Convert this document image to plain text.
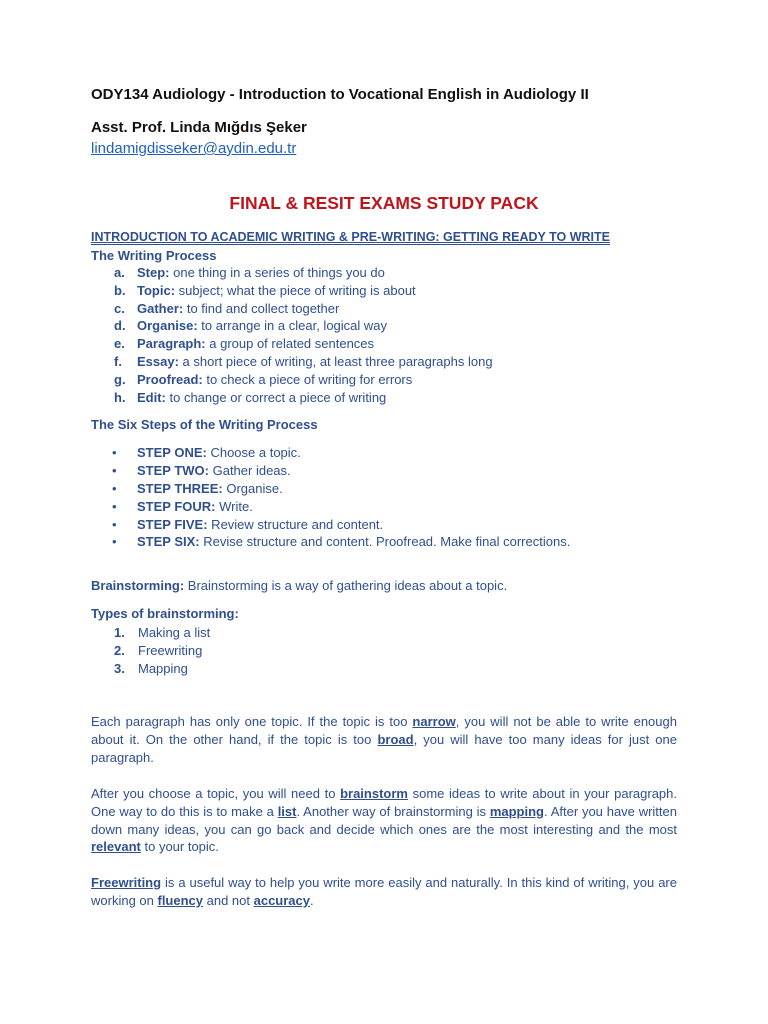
ODY134 Audiology - Introduction to Vocational English in Audiology II
Asst. Prof. Linda Mığdıs Şeker
lindamigdisseker@aydin.edu.tr
FINAL & RESIT EXAMS STUDY PACK
INTRODUCTION TO ACADEMIC WRITING & PRE-WRITING: GETTING READY TO WRITE
The Writing Process
a. Step: one thing in a series of things you do
b. Topic: subject; what the piece of writing is about
c. Gather: to find and collect together
d. Organise: to arrange in a clear, logical way
e. Paragraph: a group of related sentences
f. Essay: a short piece of writing, at least three paragraphs long
g. Proofread: to check a piece of writing for errors
h. Edit: to change or correct a piece of writing
The Six Steps of the Writing Process
• STEP ONE: Choose a topic.
• STEP TWO: Gather ideas.
• STEP THREE: Organise.
• STEP FOUR: Write.
• STEP FIVE: Review structure and content.
• STEP SIX: Revise structure and content. Proofread. Make final corrections.
Brainstorming: Brainstorming is a way of gathering ideas about a topic.
Types of brainstorming:
1. Making a list
2. Freewriting
3. Mapping

Each paragraph has only one topic. If the topic is too narrow, you will not be able to write enough about it. On the other hand, if the topic is too broad, you will have too many ideas for just one paragraph.

After you choose a topic, you will need to brainstorm some ideas to write about in your paragraph. One way to do this is to make a list. Another way of brainstorming is mapping. After you have written down many ideas, you can go back and decide which ones are the most interesting and the most relevant to your topic.

Freewriting is a useful way to help you write more easily and naturally. In this kind of writing, you are working on fluency and not accuracy.
